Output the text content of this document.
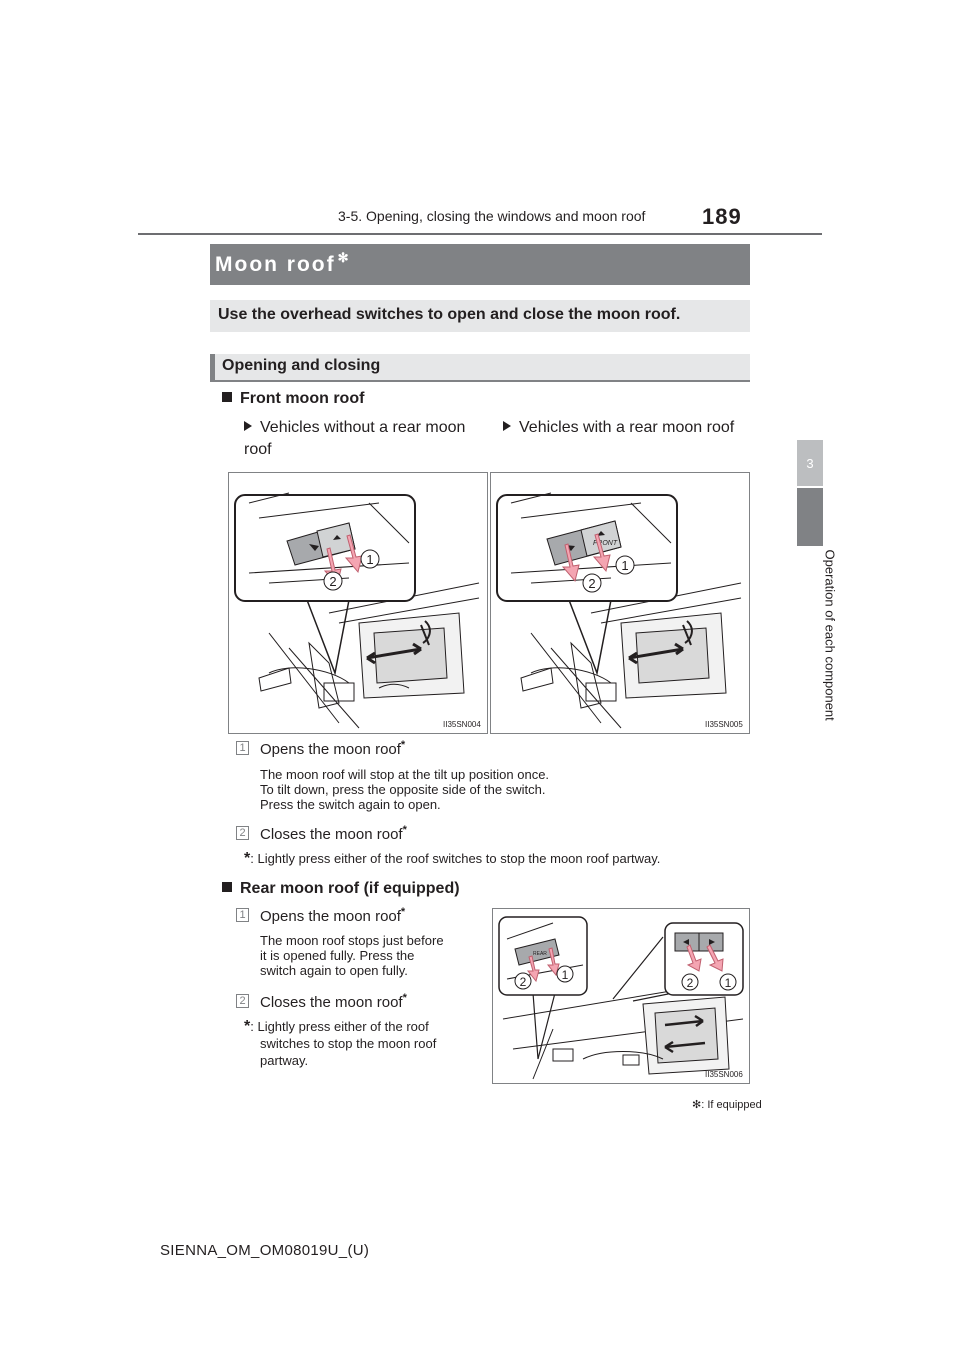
3-5. Opening, closing the windows and moon roof	189
3
Operation of each component
Moon roof ✻
Use the overhead switches to open and close the moon roof.
Opening and closing
Front moon roof
Vehicles without a rear moon roof
Vehicles with a rear moon roof
1
2
II35SN004
FRONT
1
2
II35SN005
1 Opens the moon roof*
The moon roof will stop at the tilt up position once.
To tilt down, press the opposite side of the switch.
Press the switch again to open.
2 Closes the moon roof*
*: Lightly press either of the roof switches to stop the moon roof partway.
Rear moon roof (if equipped)
1 Opens the moon roof*
The moon roof stops just before
it is opened fully. Press the
switch again to open fully.
2 Closes the moon roof*
*: Lightly press either of the roof
switches to stop the moon roof
partway.
REAR
1
2	2	1
II35SN006
✻: If equipped
SIENNA_OM_OM08019U_(U)
